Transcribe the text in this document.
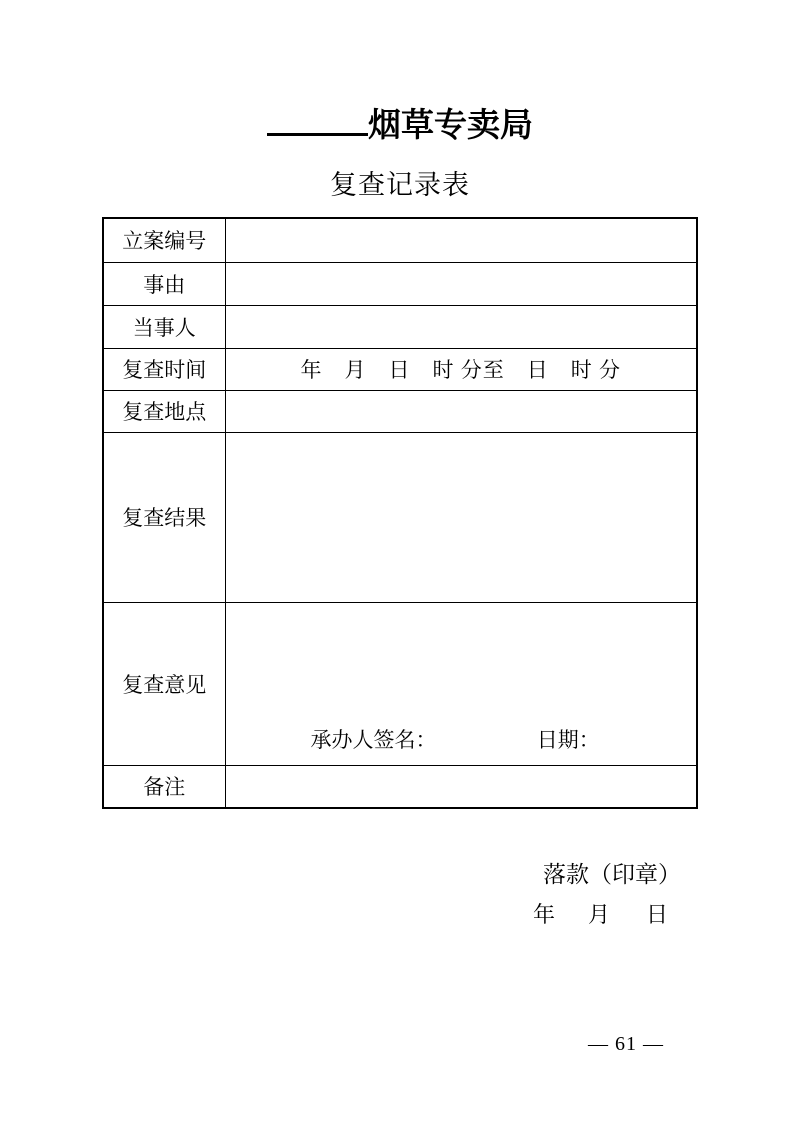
烟草专卖局
复查记录表
立案编号	
事由	
当事人	
复查时间	年　月　日　时 分至　日　时 分
复查地点	
复查结果	
复查意见	承办人签名： 日期：

备注	
落款（印章）
年 月 日
— 61 —
